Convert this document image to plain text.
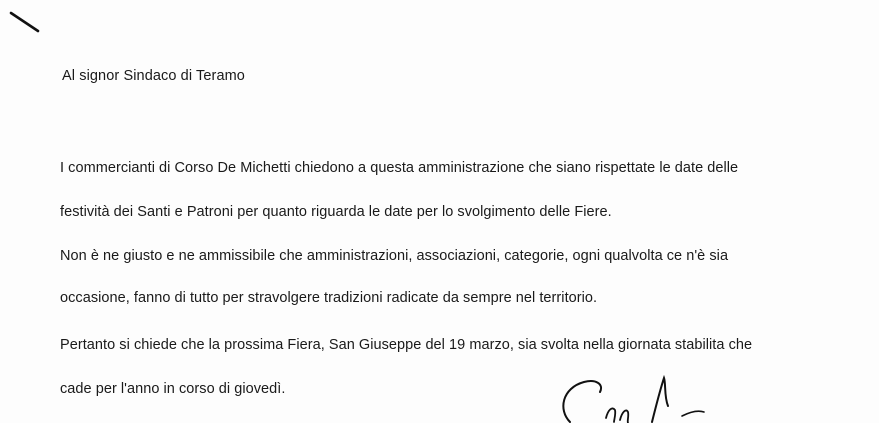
Al signor Sindaco di Teramo
I commercianti di Corso De Michetti chiedono a questa amministrazione che siano rispettate le date delle
festività dei Santi e Patroni per quanto riguarda le date per lo svolgimento delle Fiere.
Non è ne giusto e ne ammissibile che amministrazioni, associazioni, categorie, ogni qualvolta ce n'è sia
occasione, fanno di tutto per stravolgere tradizioni radicate da sempre nel territorio.
Pertanto si chiede che la prossima Fiera, San Giuseppe del 19 marzo, sia svolta nella giornata stabilita che
cade per l'anno in corso di giovedì.
